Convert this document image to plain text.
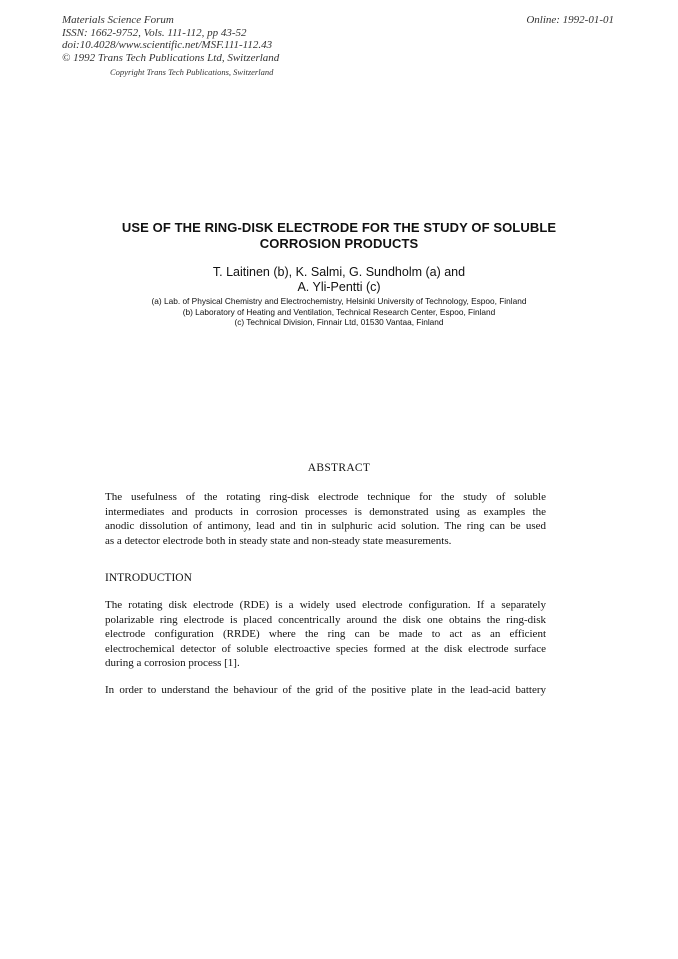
Materials Science Forum
ISSN: 1662-9752, Vols. 111-112, pp 43-52
doi:10.4028/www.scientific.net/MSF.111-112.43
© 1992 Trans Tech Publications Ltd, Switzerland
Online: 1992-01-01
Copyright Trans Tech Publications, Switzerland
USE OF THE RING-DISK ELECTRODE FOR THE STUDY OF SOLUBLE
CORROSION PRODUCTS
T. Laitinen (b), K. Salmi, G. Sundholm (a) and
A. Yli-Pentti (c)
(a) Lab. of Physical Chemistry and Electrochemistry, Helsinki University of Technology, Espoo, Finland
(b) Laboratory of Heating and Ventilation, Technical Research Center, Espoo, Finland
(c) Technical Division, Finnair Ltd, 01530 Vantaa, Finland
ABSTRACT
The usefulness of the rotating ring-disk electrode technique for the study of soluble
intermediates and products in corrosion processes is demonstrated using as examples the
anodic dissolution of antimony, lead and tin in sulphuric acid solution. The ring can be used
as a detector electrode both in steady state and non-steady state measurements.
INTRODUCTION
The rotating disk electrode (RDE) is a widely used electrode configuration. If a separately
polarizable ring electrode is placed concentrically around the disk one obtains the ring-disk
electrode configuration (RRDE) where the ring can be made to act as an efficient
electrochemical detector of soluble electroactive species formed at the disk electrode surface
during a corrosion process [1].
In order to understand the behaviour of the grid of the positive plate in the lead-acid battery
